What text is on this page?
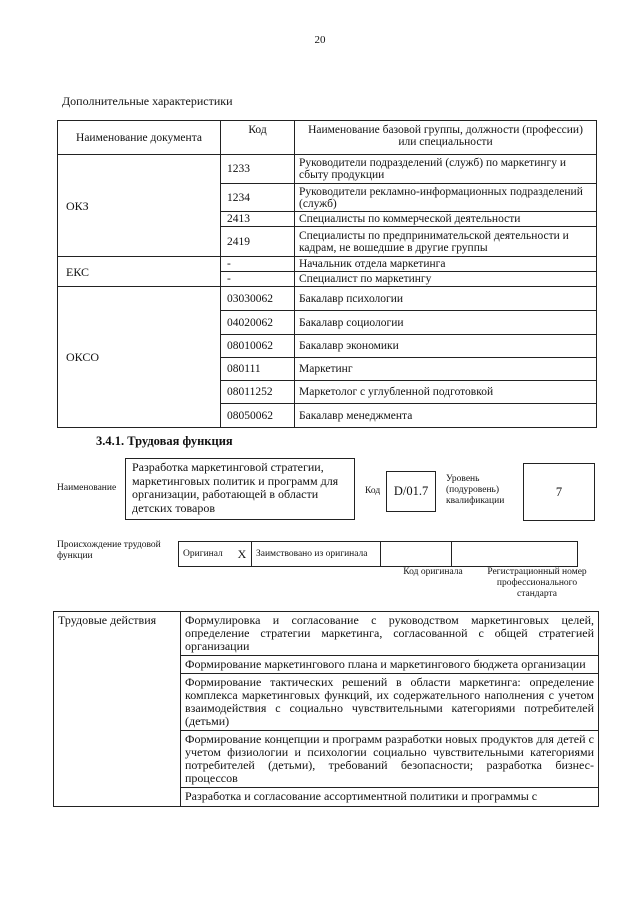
20
Дополнительные характеристики
Наименование документа	Код	Наименование базовой группы, должности (профессии) или специальности
ОКЗ	1233	Руководители подразделений (служб) по маркетингу и сбыту продукции
	1234	Руководители рекламно-информационных подразделений (служб)
	2413	Специалисты по коммерческой деятельности
	2419	Специалисты по предпринимательской деятельности и кадрам, не вошедшие в другие группы
ЕКС	-	Начальник отдела маркетинга
	-	Специалист по маркетингу
ОКСО	03030062	Бакалавр психологии
	04020062	Бакалавр социологии
	08010062	Бакалавр экономики
	080111	Маркетинг
	08011252	Маркетолог с углубленной подготовкой
	08050062	Бакалавр менеджмента
3.4.1. Трудовая функция
Наименование
Разработка маркетинговой стратегии, маркетинговых политик и программ для организации, работающей в области детских товаров
Код D/01.7
Уровень (подуровень) квалификации
7
Происхождение трудовой функции	Оригинал	X	Заимствовано из оригинала		
Код оригинала	Регистрационный номер профессионального стандарта
Трудовые действия	Формулировка и согласование с руководством маркетинговых целей, определение стратегии маркетинга, согласованной с общей стратегией организации
Формирование маркетингового плана и маркетингового бюджета организации
Формирование тактических решений в области маркетинга: определение комплекса маркетинговых функций, их содержательного наполнения с учетом взаимодействия с социально чувствительными категориями потребителей (детьми)
Формирование концепции и программ разработки новых продуктов для детей с учетом физиологии и психологии социально чувствительными категориями потребителей (детьми), требований безопасности; разработка бизнес-процессов
Разработка и согласование ассортиментной политики и программы с
